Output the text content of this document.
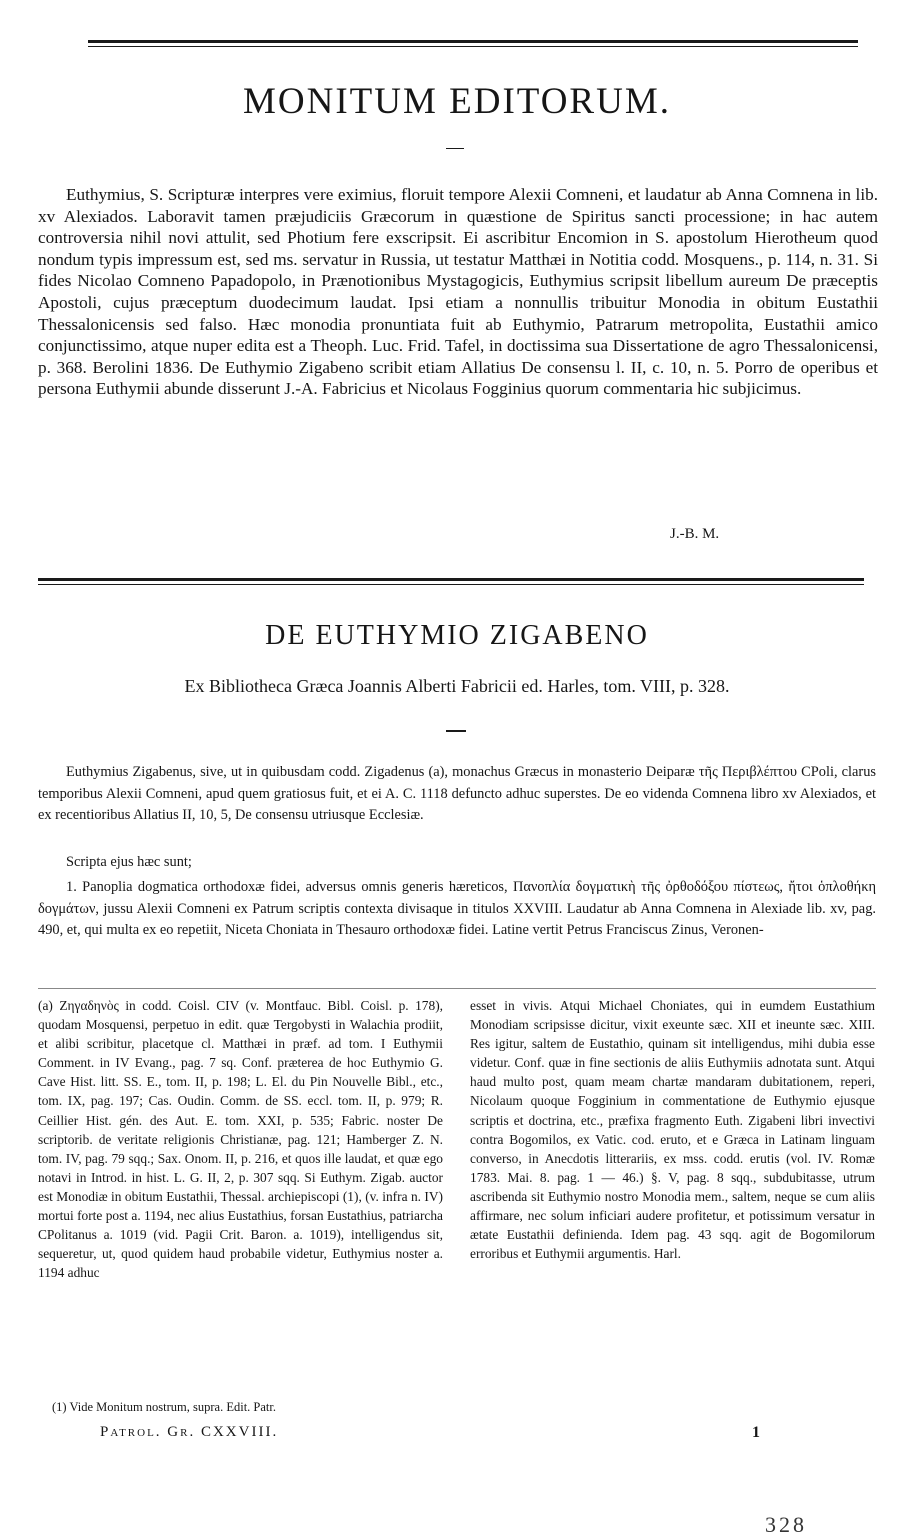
MONITUM EDITORUM.

Euthymius, S. Scripturæ interpres vere eximius, floruit tempore Alexii Comneni, et laudatur ab Anna Comnena in lib. xv Alexiados. Laboravit tamen præjudiciis Græcorum in quæstione de Spiritus sancti processione; in hac autem controversia nihil novi attulit, sed Photium fere exscripsit. Ei ascribitur Encomion in S. apostolum Hierotheum quod nondum typis impressum est, sed ms. servatur in Russia, ut testatur Matthæi in Notitia codd. Mosquens., p. 114, n. 31. Si fides Nicolao Comneno Papadopolo, in Prænotionibus Mystagogicis, Euthymius scripsit libellum aureum De præceptis Apostoli, cujus præceptum duodecimum laudat. Ipsi etiam a nonnullis tribuitur Monodia in obitum Eustathii Thessalonicensis sed falso. Hæc monodia pronuntiata fuit ab Euthymio, Patrarum metropolita, Eustathii amico conjunctissimo, atque nuper edita est a Theoph. Luc. Frid. Tafel, in doctissima sua Dissertatione de agro Thessalonicensi, p. 368. Berolini 1836. De Euthymio Zigabeno scribit etiam Allatius De consensu l. II, c. 10, n. 5. Porro de operibus et persona Euthymii abunde disserunt J.-A. Fabricius et Nicolaus Fogginius quorum commentaria hic subjicimus.

J.-B. M.
DE EUTHYMIO ZIGABENO

Ex Bibliotheca Græca Joannis Alberti Fabricii ed. Harles, tom. VIII, p. 328.

Euthymius Zigabenus, sive, ut in quibusdam codd. Zigadenus (a), monachus Græcus in monasterio Deiparæ τῆς Περιβλέπτου CPoli, clarus temporibus Alexii Comneni, apud quem gratiosus fuit, et ei A. C. 1118 defuncto adhuc superstes. De eo videnda Comnena libro xv Alexiados, et ex recentioribus Allatius II, 10, 5, De consensu utriusque Ecclesiæ.

Scripta ejus hæc sunt;

1. Panoplia dogmatica orthodoxæ fidei, adversus omnis generis hæreticos, Πανοπλία δογματικὴ τῆς ὀρθοδόξου πίστεως, ἤτοι ὁπλοθήκη δογμάτων, jussu Alexii Comneni ex Patrum scriptis contexta divisaque in titulos XXVIII. Laudatur ab Anna Comnena in Alexiade lib. xv, pag. 490, et, qui multa ex eo repetiit, Niceta Choniata in Thesauro orthodoxæ fidei. Latine vertit Petrus Franciscus Zinus, Veronen-

(a) Ζηγαδηνὸς in codd. Coisl. CIV (v. Montfauc. Bibl. Coisl. p. 178), quodam Mosquensi, perpetuo in edit. quæ Tergobysti in Walachia prodiit, et alibi scribitur, placetque cl. Matthæi in præf. ad tom. I Euthymii Comment. in IV Evang., pag. 7 sq. Conf. præterea de hoc Euthymio G. Cave Hist. litt. SS. E., tom. II, p. 198; L. El. du Pin Nouvelle Bibl., etc., tom. IX, pag. 197; Cas. Oudin. Comm. de SS. eccl. tom. II, p. 979; R. Ceillier Hist. gén. des Aut. E. tom. XXI, p. 535; Fabric. noster De scriptorib. de veritate religionis Christianæ, pag. 121; Hamberger Z. N. tom. IV, pag. 79 sqq.; Sax. Onom. II, p. 216, et quos ille laudat, et quæ ego notavi in Introd. in hist. L. G. II, 2, p. 307 sqq. Si Euthym. Zigab. auctor est Monodiæ in obitum Eustathii, Thessal. archiepiscopi (1), (v. infra n. IV) mortui forte post a. 1194, nec alius Eustathius, forsan Eustathius, patriarcha CPolitanus a. 1019 (vid. Pagii Crit. Baron. a. 1019), intelligendus sit, sequeretur, ut, quod quidem haud probabile videtur, Euthymius noster a. 1194 adhuc

esset in vivis. Atqui Michael Choniates, qui in eumdem Eustathium Monodiam scripsisse dicitur, vixit exeunte sæc. XII et ineunte sæc. XIII. Res igitur, saltem de Eustathio, quinam sit intelligendus, mihi dubia esse videtur. Conf. quæ in fine sectionis de aliis Euthymiis adnotata sunt. Atqui haud multo post, quam meam chartæ mandaram dubitationem, reperi, Nicolaum quoque Fogginium in commentatione de Euthymio ejusque scriptis et doctrina, etc., præfixa fragmento Euth. Zigabeni libri invectivi contra Bogomilos, ex Vatic. cod. eruto, et e Græca in Latinam linguam converso, in Anecdotis litterariis, ex mss. codd. erutis (vol. IV. Romæ 1783. Mai. 8. pag. 1 — 46.) §. V, pag. 8 sqq., subdubitasse, utrum ascribenda sit Euthymio nostro Monodia mem., saltem, neque se cum aliis affirmare, nec solum inficiari audere profitetur, et potissimum versatur in ætate Eustathii definienda. Idem pag. 43 sqq. agit de Bogomilorum erroribus et Euthymii argumentis. Harl.

(1) Vide Monitum nostrum, supra. Edit. Patr.

Patrol. Gr. CXXVIII.	1
328
